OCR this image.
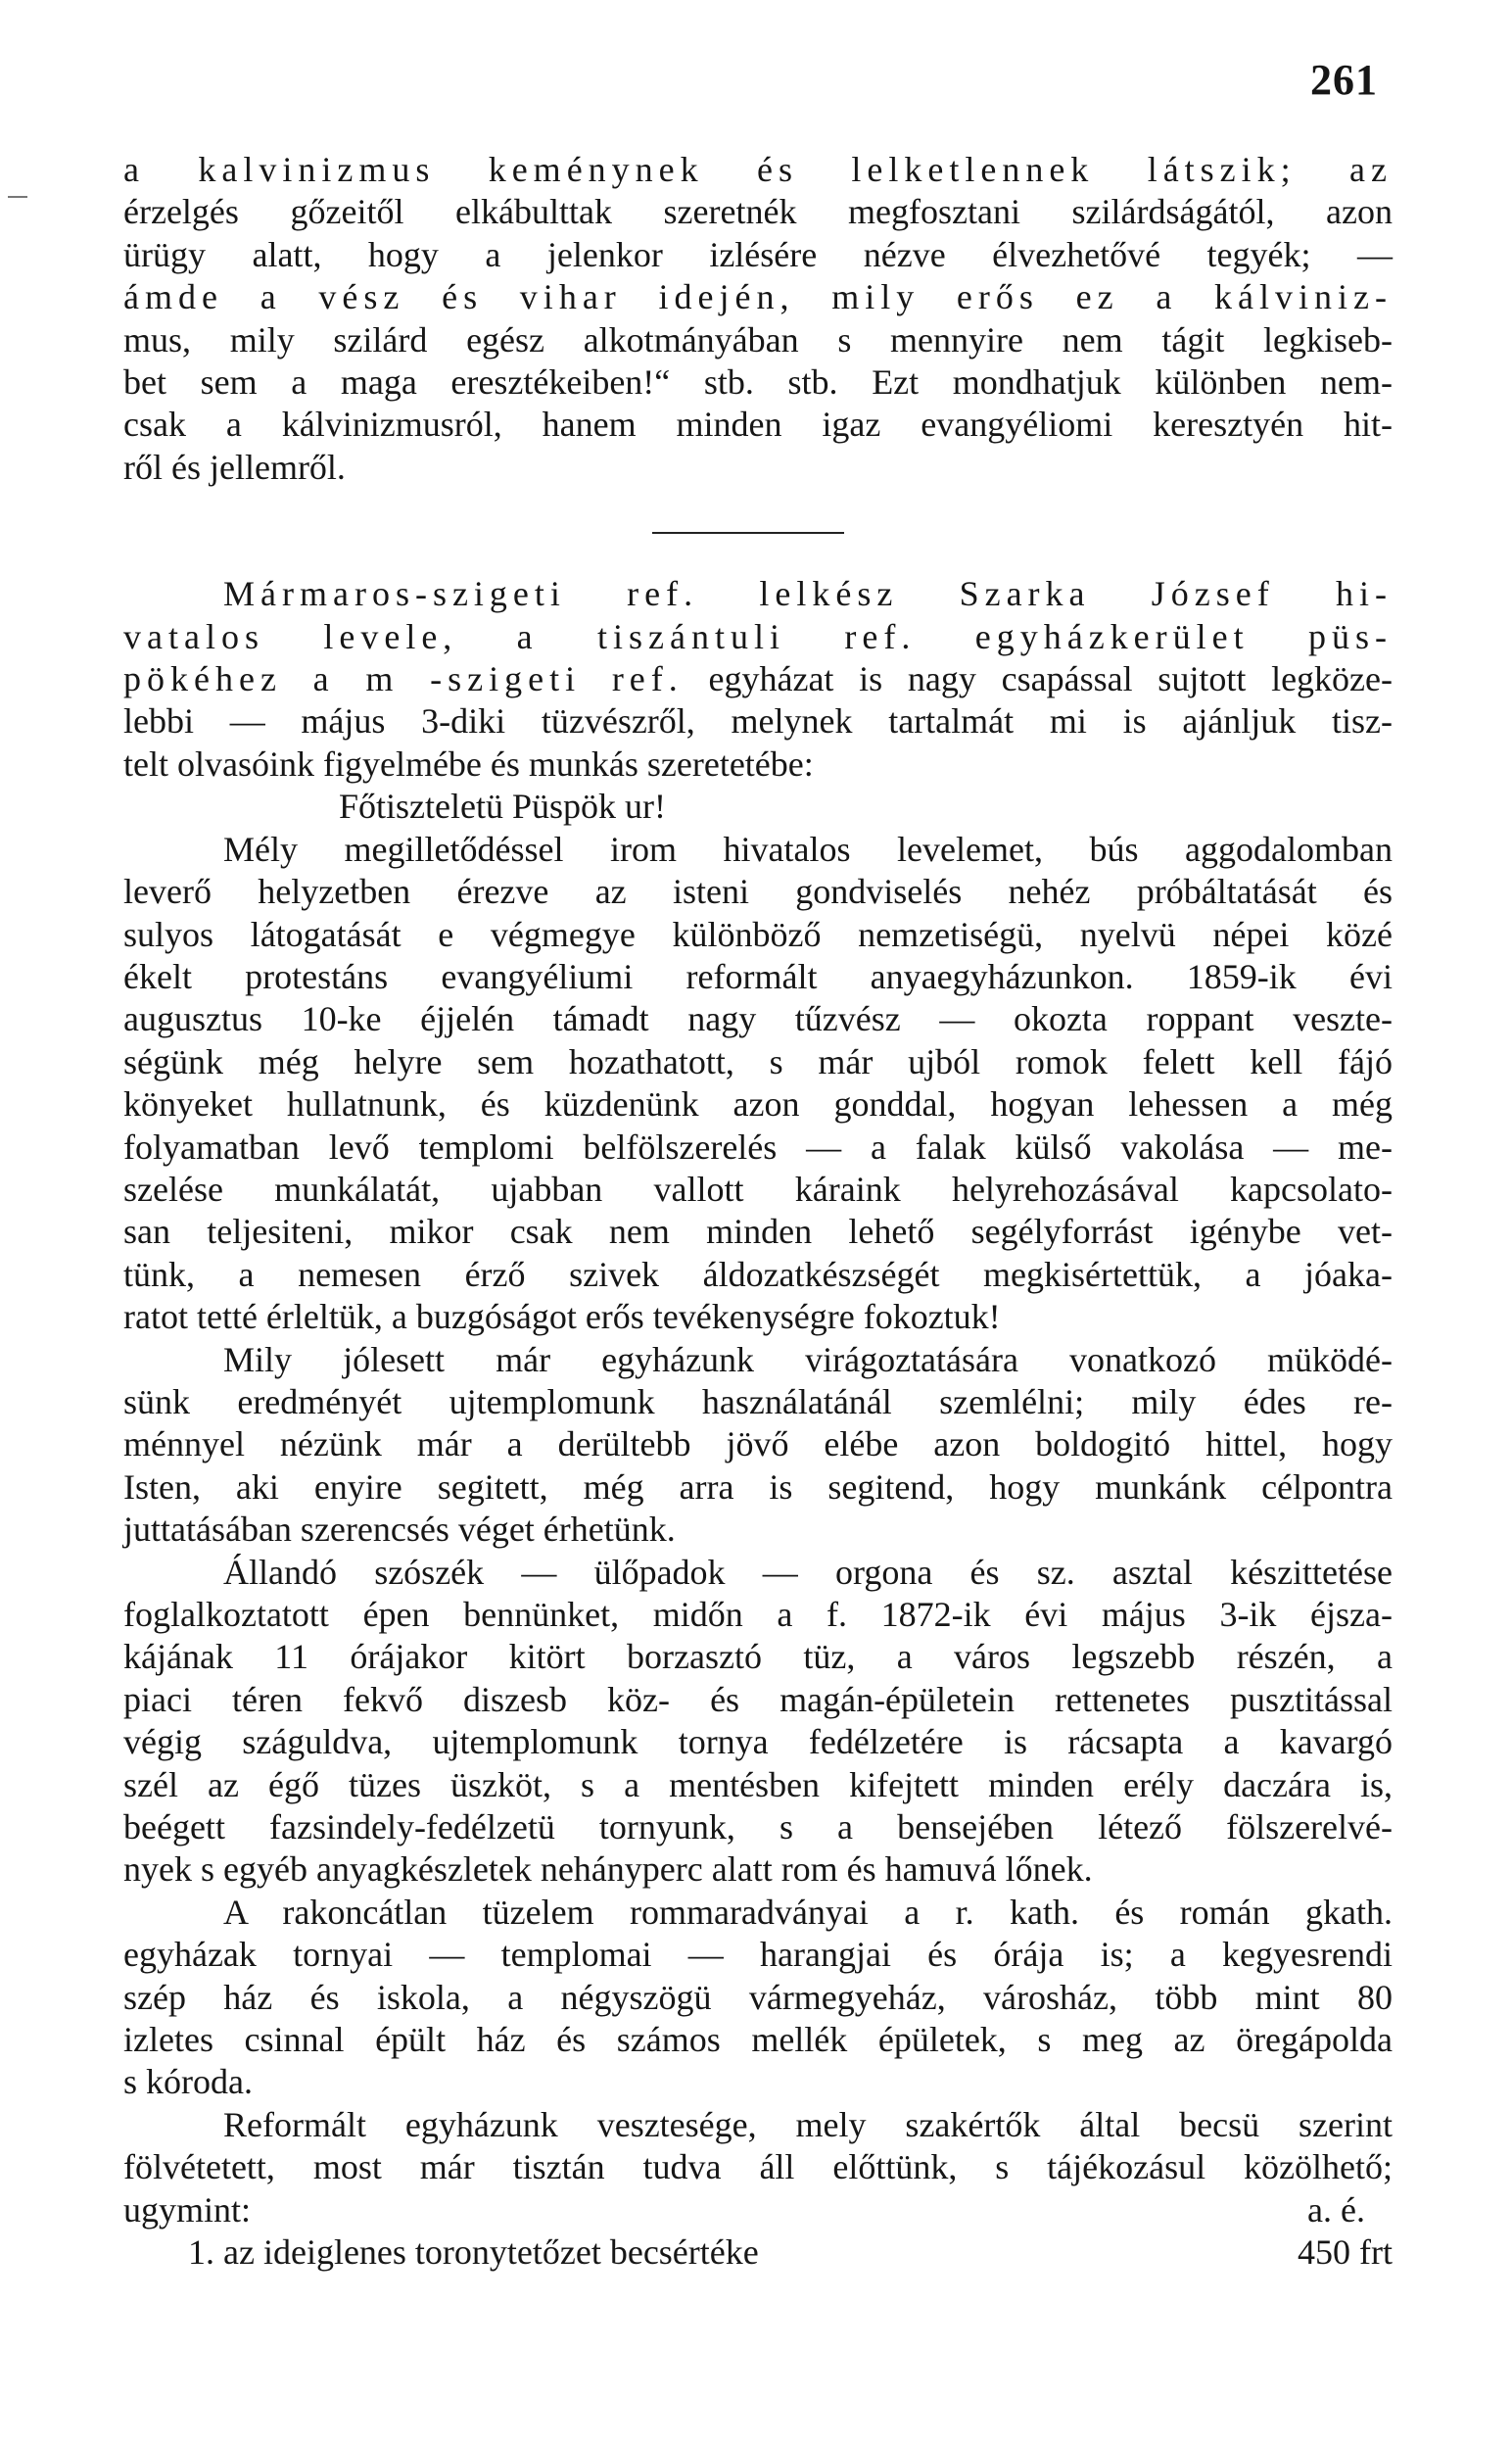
261
a kalvinizmus keménynek és lelketlennek látszik; az
érzelgés gőzeitől elkábulttak szeretnék megfosztani szilárdságától, azon
ürügy alatt, hogy a jelenkor izlésére nézve élvezhetővé tegyék; —
ámde a vész és vihar idején, mily erős ez a kálviniz-
mus, mily szilárd egész alkotmányában s mennyire nem tágit legkiseb-
bet sem a maga eresztékeiben!“ stb. stb. Ezt mondhatjuk különben nem-
csak a kálvinizmusról, hanem minden igaz evangyéliomi keresztyén hit-
ről és jellemről.
Mármaros-szigeti ref. lelkész Szarka József hi-
vatalos levele, a tiszántuli ref. egyházkerület püs-
pökéhez a m -szigeti ref. egyházat is nagy csapással sujtott legköze-
lebbi — május 3-diki tüzvészről, melynek tartalmát mi is ajánljuk tisz-
telt olvasóink figyelmébe és munkás szeretetébe:
Főtiszteletü Püspök ur!
Mély megilletődéssel irom hivatalos levelemet, bús aggodalomban
leverő helyzetben érezve az isteni gondviselés nehéz próbáltatását és
sulyos látogatását e végmegye különböző nemzetiségü, nyelvü népei közé
ékelt protestáns evangyéliumi reformált anyaegyházunkon. 1859-ik évi
augusztus 10-ke éjjelén támadt nagy tűzvész — okozta roppant veszte-
ségünk még helyre sem hozathatott, s már ujból romok felett kell fájó
könyeket hullatnunk, és küzdenünk azon gonddal, hogyan lehessen a még
folyamatban levő templomi belfölszerelés — a falak külső vakolása — me-
szelése munkálatát, ujabban vallott káraink helyrehozásával kapcsolato-
san teljesiteni, mikor csak nem minden lehető segélyforrást igénybe vet-
tünk, a nemesen érző szivek áldozatkészségét megkisértettük, a jóaka-
ratot tetté érleltük, a buzgóságot erős tevékenységre fokoztuk!
Mily jólesett már egyházunk virágoztatására vonatkozó müködé-
sünk eredményét ujtemplomunk használatánál szemlélni; mily édes re-
ménnyel nézünk már a derültebb jövő elébe azon boldogitó hittel, hogy
Isten, aki enyire segitett, még arra is segitend, hogy munkánk célpontra
juttatásában szerencsés véget érhetünk.
Állandó szószék — ülőpadok — orgona és sz. asztal készittetése
foglalkoztatott épen bennünket, midőn a f. 1872-ik évi május 3-ik éjsza-
kájának 11 órájakor kitört borzasztó tüz, a város legszebb részén, a
piaci téren fekvő diszesb köz- és magán-épületein rettenetes pusztitással
végig száguldva, ujtemplomunk tornya fedélzetére is rácsapta a kavargó
szél az égő tüzes üszköt, s a mentésben kifejtett minden erély daczára is,
beégett fazsindely-fedélzetü tornyunk, s a bensejében létező fölszerelvé-
nyek s egyéb anyagkészletek nehányperc alatt rom és hamuvá lőnek.
A rakoncátlan tüzelem rommaradványai a r. kath. és román gkath.
egyházak tornyai — templomai — harangjai és órája is; a kegyesrendi
szép ház és iskola, a négyszögü vármegyeház, városház, több mint 80
izletes csinnal épült ház és számos mellék épületek, s meg az öregápolda
s kóroda.
Reformált egyházunk vesztesége, mely szakértők által becsü szerint
fölvétetett, most már tisztán tudva áll előttünk, s tájékozásul közölhető;
ugymint:	a. é.
1. az ideiglenes toronytetőzet becsértéke	450 frt
